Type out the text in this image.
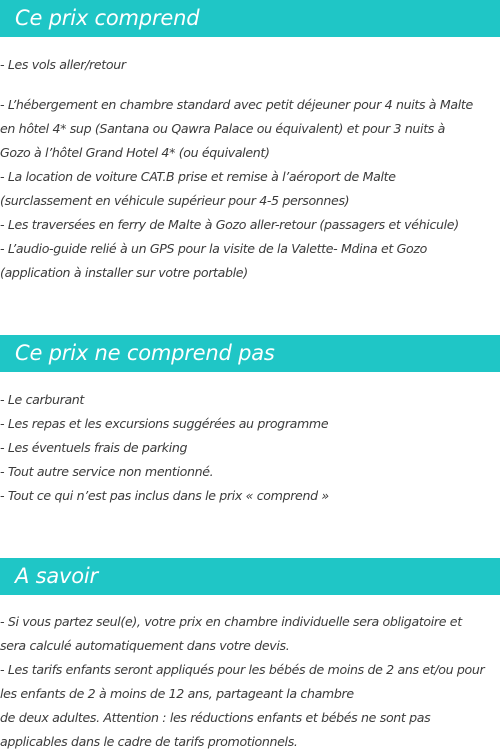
Ce prix comprend

- Les vols aller/retour

- L’hébergement en chambre standard avec petit déjeuner pour 4 nuits à Malte

en hôtel 4* sup (Santana ou Qawra Palace ou équivalent) et pour 3 nuits à

Gozo à l’hôtel Grand Hotel 4* (ou équivalent)

- La location de voiture CAT.B prise et remise à l’aéroport de Malte

(surclassement en véhicule supérieur pour 4-5 personnes)

- Les traversées en ferry de Malte à Gozo aller-retour (passagers et véhicule)

- L’audio-guide relié à un GPS pour la visite de la Valette- Mdina et Gozo

(application à installer sur votre portable)

Ce prix ne comprend pas

- Le carburant

- Les repas et les excursions suggérées au programme

- Les éventuels frais de parking

- Tout autre service non mentionné.

- Tout ce qui n’est pas inclus dans le prix « comprend »

A savoir

- Si vous partez seul(e), votre prix en chambre individuelle sera obligatoire et

sera calculé automatiquement dans votre devis.

- Les tarifs enfants seront appliqués pour les bébés de moins de 2 ans et/ou pour

les enfants de 2 à moins de 12 ans, partageant la chambre

de deux adultes. Attention : les réductions enfants et bébés ne sont pas

applicables dans le cadre de tarifs promotionnels.
